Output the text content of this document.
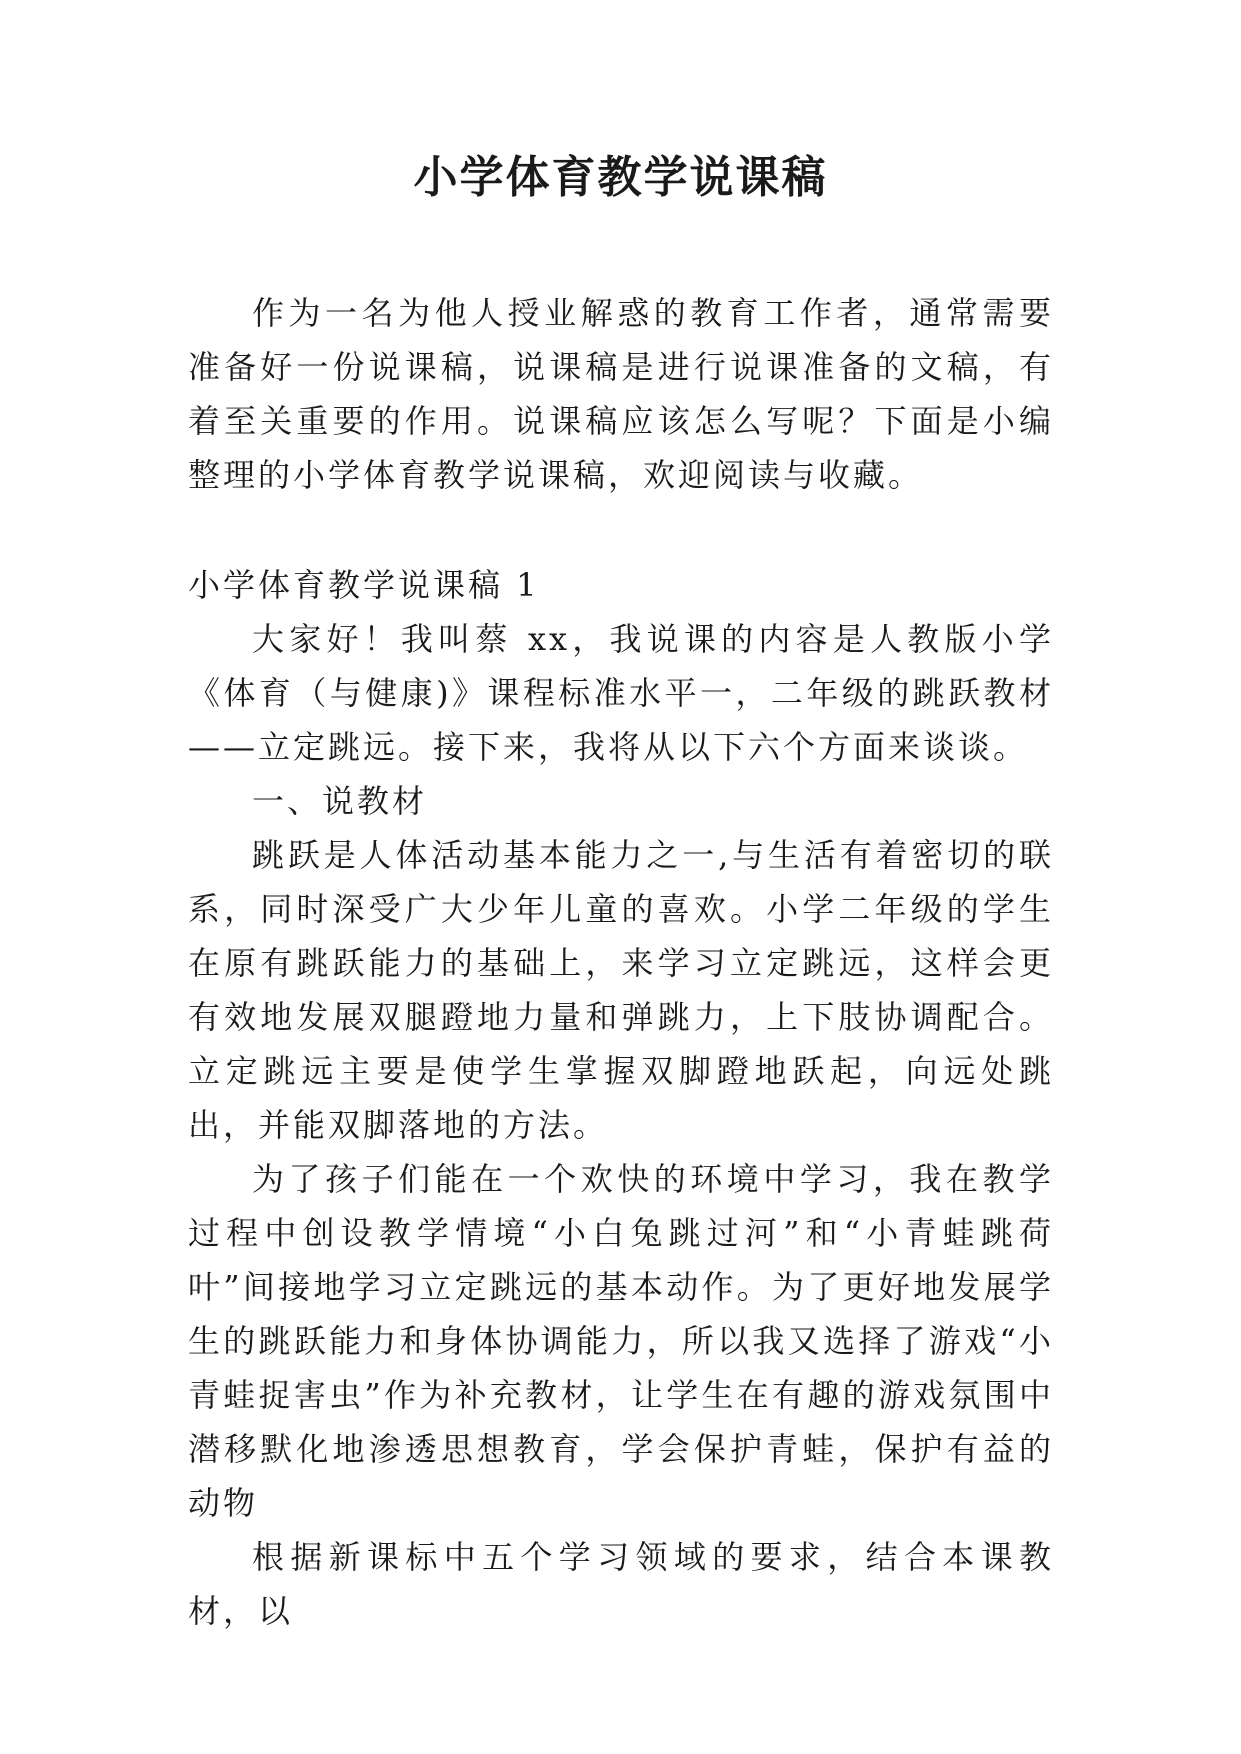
小学体育教学说课稿

作为一名为他人授业解惑的教育工作者，通常需要准备好一份说课稿，说课稿是进行说课准备的文稿，有着至关重要的作用。说课稿应该怎么写呢？下面是小编整理的小学体育教学说课稿，欢迎阅读与收藏。

小学体育教学说课稿 1

大家好！我叫蔡 xx，我说课的内容是人教版小学《体育（与健康)》课程标准水平一，二年级的跳跃教材——立定跳远。接下来，我将从以下六个方面来谈谈。

一、说教材

跳跃是人体活动基本能力之一,与生活有着密切的联系，同时深受广大少年儿童的喜欢。小学二年级的学生在原有跳跃能力的基础上，来学习立定跳远，这样会更有效地发展双腿蹬地力量和弹跳力，上下肢协调配合。立定跳远主要是使学生掌握双脚蹬地跃起，向远处跳出，并能双脚落地的方法。

为了孩子们能在一个欢快的环境中学习，我在教学过程中创设教学情境“小白兔跳过河”和“小青蛙跳荷叶”间接地学习立定跳远的基本动作。为了更好地发展学生的跳跃能力和身体协调能力，所以我又选择了游戏“小青蛙捉害虫”作为补充教材，让学生在有趣的游戏氛围中潜移默化地渗透思想教育，学会保护青蛙，保护有益的动物

根据新课标中五个学习领域的要求，结合本课教材，以
